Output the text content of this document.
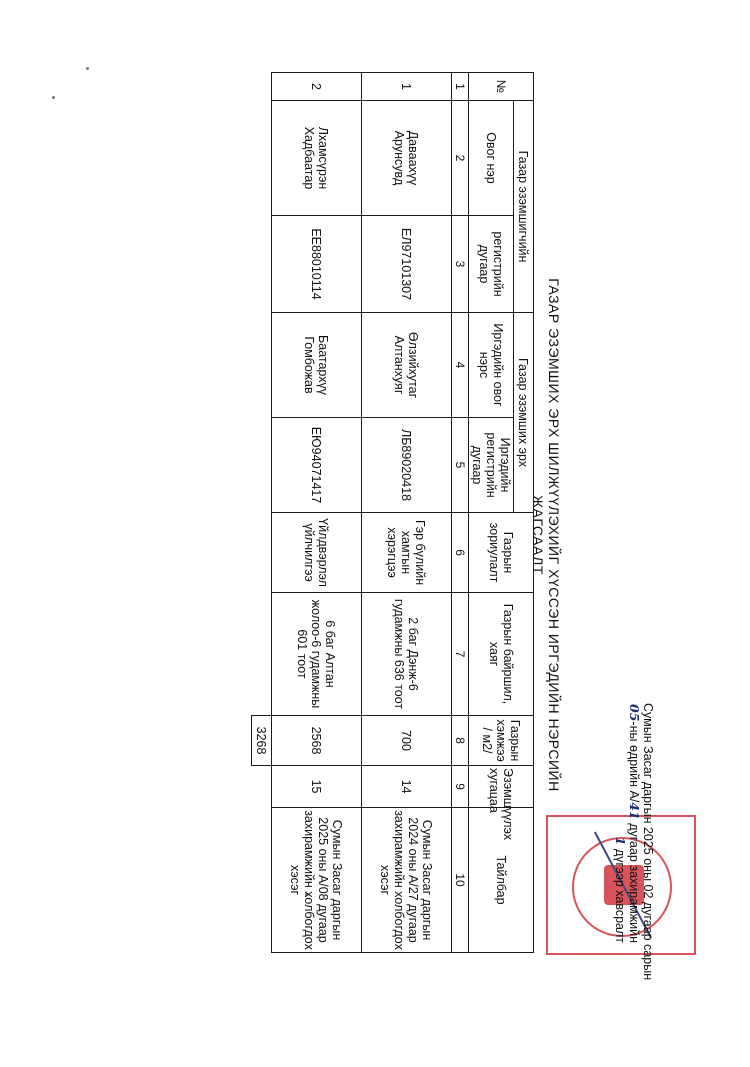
Сумын Засаг даргын 2025 оны 02 дугаар сарын
05-ны өдрийн А/41 дугаар захирамжийн
1 дүгээр хавсралт
ГАЗАР ЭЗЭМШИХ ЭРХ ШИЛЖҮҮЛЭХИЙГ ХҮССЭН ИРГЭДИЙН НЭРСИЙН ЖАГСААЛТ
№	Газар эзэмшигчийн		Газар эзэмших эрх		Газрын зориулалт	Газрын байршил, хаяг	Газрын хэмжээ / м2/	Эзэмшүүлэх хугацаа	Тайлбар
	Овог нэр	регистрийн дугаар	Иргэдийн овог нэрс	Иргэдийн регистрийн дугаар					
1	2	3	4	5	6	7	8	9	10
1	Даваахүү Арунсувд	ЕЛ97101307	Өлзийхутаг Алтанхуяг	ЛБ89020418	Гэр бүлийн хамтын хэрэгцээ	2 баг Дэнж-6 гудамжны 636 тоот	700	14	Сумын Засаг даргын 2024 оны А/27 дугаар захирамжийн холбогдох хэсэг
2	Лхамсүрэн Хадбаатар	ЕЕ88010114	Баатархүү Гомбожав	ЕЮ94071417	Үйлдвэрлэл үйлчилгээ	6 баг Алтан жолоо-6 гудамжны 601 тоот	2568	15	Сумын Засаг даргын 2025 оны А/08 дугаар захирамжийн холбогдох хэсэг
							3268		
